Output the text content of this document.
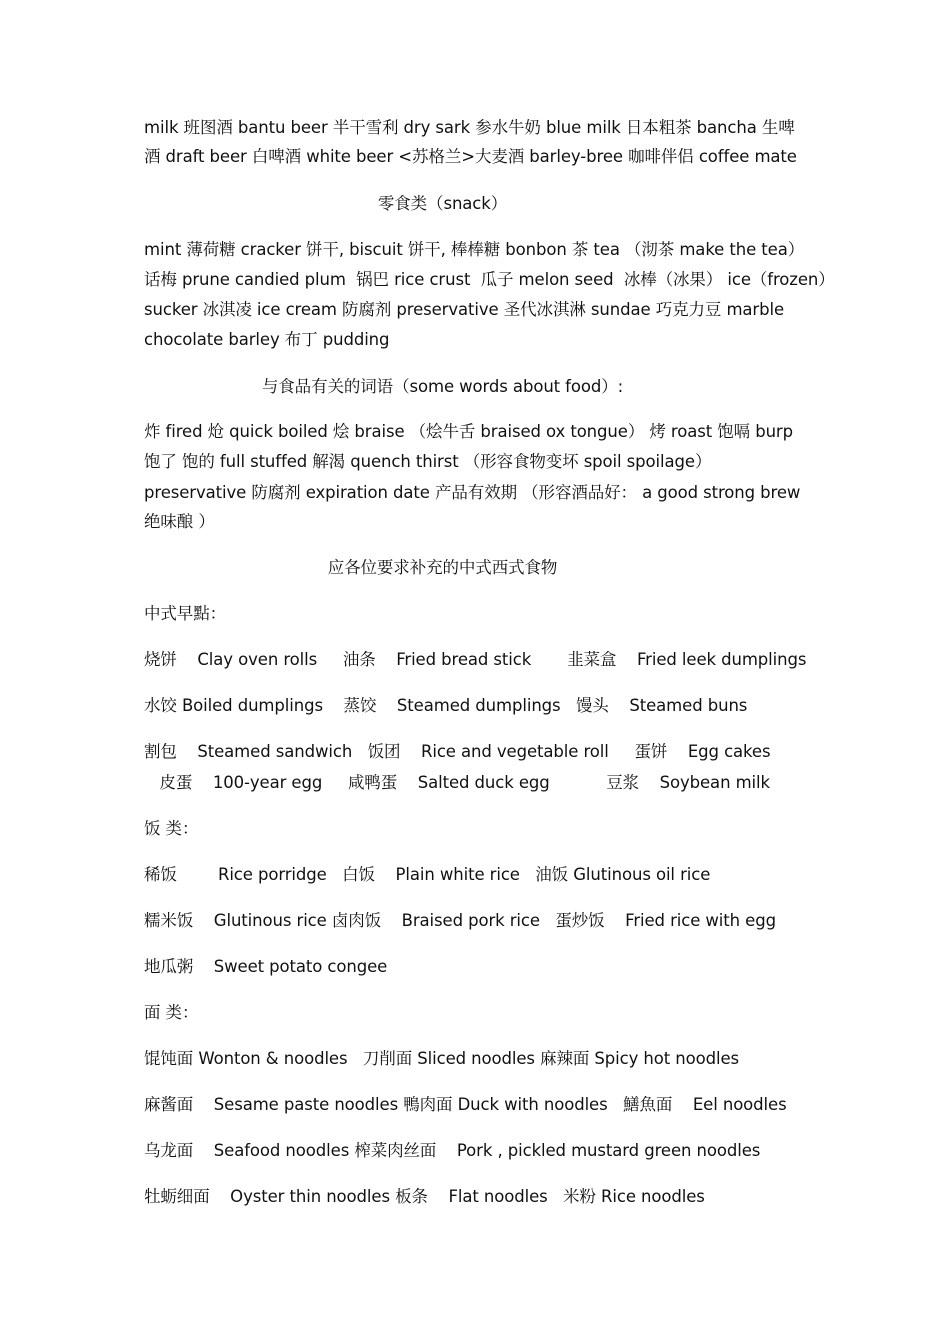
milk 班图酒 bantu beer 半干雪利 dry sark 参水牛奶 blue milk 日本粗茶 bancha 生啤
酒 draft beer 白啤酒 white beer <苏格兰>大麦酒 barley-bree 咖啡伴侣 coffee mate
零食类（snack）
mint 薄荷糖 cracker 饼干, biscuit 饼干, 棒棒糖 bonbon 茶 tea （沏茶 make the tea）
话梅 prune candied plum  锅巴 rice crust  瓜子 melon seed  冰棒（冰果） ice（frozen）
sucker 冰淇凌 ice cream 防腐剂 preservative 圣代冰淇淋 sundae 巧克力豆 marble
chocolate barley 布丁 pudding
与食品有关的词语（some words about food）:
炸 fired 炝 quick boiled 烩 braise （烩牛舌 braised ox tongue） 烤 roast 饱嗝 burp
饱了 饱的 full stuffed 解渴 quench thirst （形容食物变坏 spoil spoilage）
preservative 防腐剂 expiration date 产品有效期 （形容酒品好： a good strong brew
绝味酿 ）
应各位要求补充的中式西式食物
中式早點：
烧饼    Clay oven rolls     油条    Fried bread stick       韭菜盒    Fried leek dumplings
水饺 Boiled dumplings    蒸饺    Steamed dumplings   馒头    Steamed buns
割包    Steamed sandwich   饭团    Rice and vegetable roll     蛋饼    Egg cakes
皮蛋    100-year egg     咸鸭蛋    Salted duck egg           豆浆    Soybean milk
饭 类：
稀饭        Rice porridge   白饭    Plain white rice   油饭 Glutinous oil rice
糯米饭    Glutinous rice 卤肉饭    Braised pork rice   蛋炒饭    Fried rice with egg
地瓜粥    Sweet potato congee
面 类：
馄饨面 Wonton & noodles   刀削面 Sliced noodles 麻辣面 Spicy hot noodles
麻酱面    Sesame paste noodles 鴨肉面 Duck with noodles   鱔魚面    Eel noodles
乌龙面    Seafood noodles 榨菜肉丝面    Pork , pickled mustard green noodles
牡蛎细面    Oyster thin noodles 板条    Flat noodles   米粉 Rice noodles
